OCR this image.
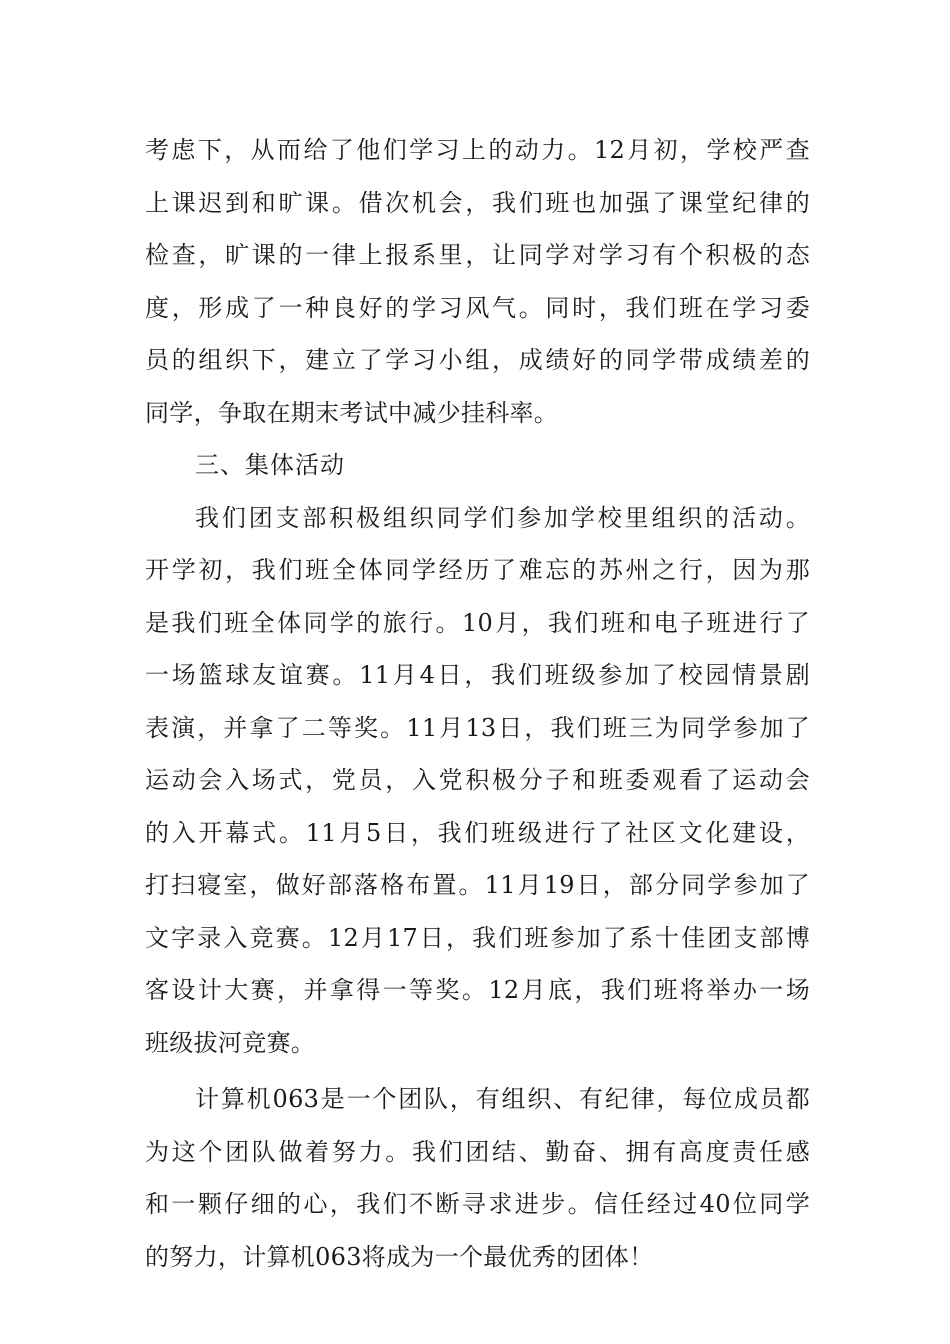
考虑下，从而给了他们学习上的动力。12月初，学校严查
上课迟到和旷课。借次机会，我们班也加强了课堂纪律的
检查，旷课的一律上报系里，让同学对学习有个积极的态
度，形成了一种良好的学习风气。同时，我们班在学习委
员的组织下，建立了学习小组，成绩好的同学带成绩差的
同学，争取在期末考试中减少挂科率。
三、集体活动
我们团支部积极组织同学们参加学校里组织的活动。
开学初，我们班全体同学经历了难忘的苏州之行，因为那
是我们班全体同学的旅行。10月，我们班和电子班进行了
一场篮球友谊赛。11月4日，我们班级参加了校园情景剧
表演，并拿了二等奖。11月13日，我们班三为同学参加了
运动会入场式，党员，入党积极分子和班委观看了运动会
的入开幕式。11月5日，我们班级进行了社区文化建设，
打扫寝室，做好部落格布置。11月19日，部分同学参加了
文字录入竞赛。12月17日，我们班参加了系十佳团支部博
客设计大赛，并拿得一等奖。12月底，我们班将举办一场
班级拔河竞赛。
计算机063是一个团队，有组织、有纪律，每位成员都
为这个团队做着努力。我们团结、勤奋、拥有高度责任感
和一颗仔细的心，我们不断寻求进步。信任经过40位同学
的努力，计算机063将成为一个最优秀的团体！
